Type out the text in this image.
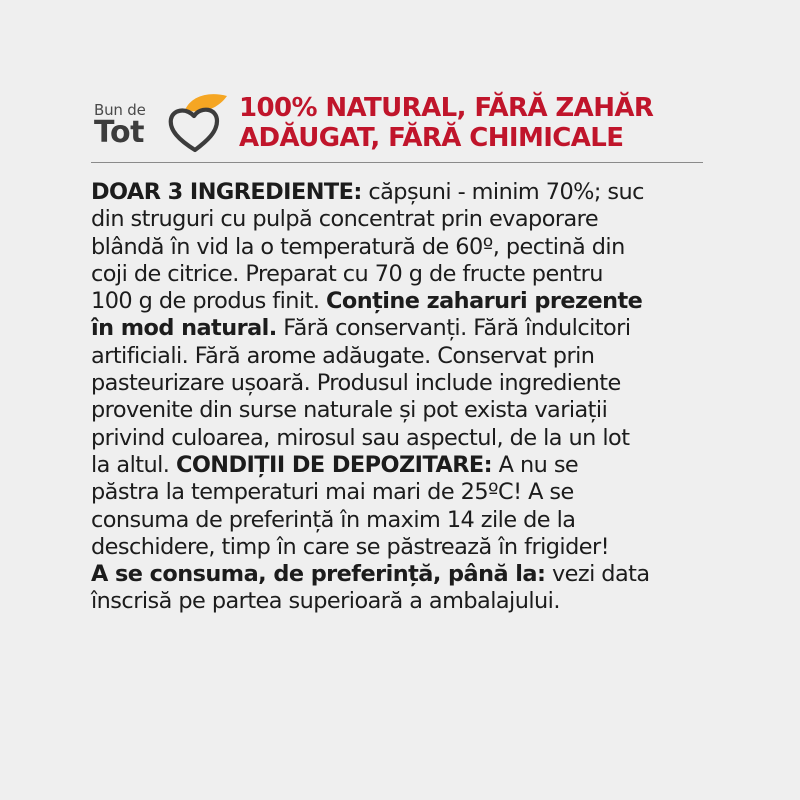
Bun de
Tot
100% NATURAL, FĂRĂ ZAHĂR
ADĂUGAT, FĂRĂ CHIMICALE
DOAR 3 INGREDIENTE: căpșuni - minim 70%; suc
din struguri cu pulpă concentrat prin evaporare
blândă în vid la o temperatură de 60º, pectină din
coji de citrice. Preparat cu 70 g de fructe pentru
100 g de produs finit. Conține zaharuri prezente
în mod natural. Fără conservanți. Fără îndulcitori
artificiali. Fără arome adăugate. Conservat prin
pasteurizare ușoară. Produsul include ingrediente
provenite din surse naturale și pot exista variații
privind culoarea, mirosul sau aspectul, de la un lot
la altul. CONDIȚII DE DEPOZITARE: A nu se
păstra la temperaturi mai mari de 25ºC! A se
consuma de preferință în maxim 14 zile de la
deschidere, timp în care se păstrează în frigider!
A se consuma, de preferință, până la: vezi data
înscrisă pe partea superioară a ambalajului.
